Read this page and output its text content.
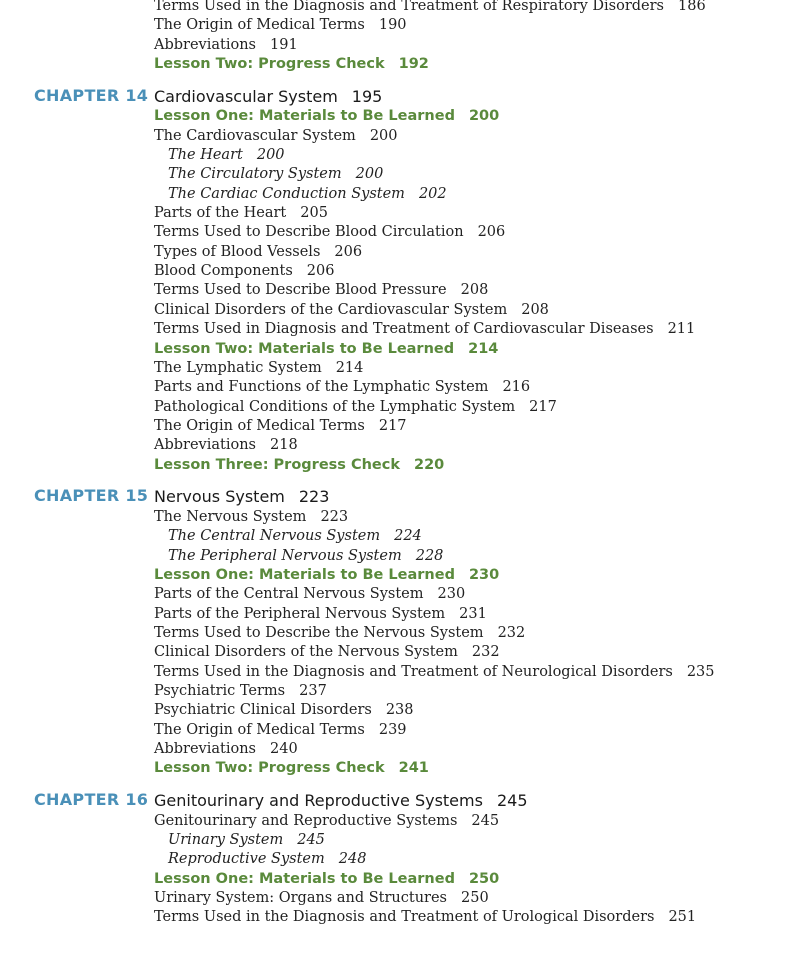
Terms Used in the Diagnosis and Treatment of Respiratory Disorders 186
The Origin of Medical Terms 190
Abbreviations 191
Lesson Two: Progress Check 192
CHAPTER 14 Cardiovascular System 195
Lesson One: Materials to Be Learned 200
The Cardiovascular System 200
The Heart 200
The Circulatory System 200
The Cardiac Conduction System 202
Parts of the Heart 205
Terms Used to Describe Blood Circulation 206
Types of Blood Vessels 206
Blood Components 206
Terms Used to Describe Blood Pressure 208
Clinical Disorders of the Cardiovascular System 208
Terms Used in Diagnosis and Treatment of Cardiovascular Diseases 211
Lesson Two: Materials to Be Learned 214
The Lymphatic System 214
Parts and Functions of the Lymphatic System 216
Pathological Conditions of the Lymphatic System 217
The Origin of Medical Terms 217
Abbreviations 218
Lesson Three: Progress Check 220
CHAPTER 15 Nervous System 223
The Nervous System 223
The Central Nervous System 224
The Peripheral Nervous System 228
Lesson One: Materials to Be Learned 230
Parts of the Central Nervous System 230
Parts of the Peripheral Nervous System 231
Terms Used to Describe the Nervous System 232
Clinical Disorders of the Nervous System 232
Terms Used in the Diagnosis and Treatment of Neurological Disorders 235
Psychiatric Terms 237
Psychiatric Clinical Disorders 238
The Origin of Medical Terms 239
Abbreviations 240
Lesson Two: Progress Check 241
CHAPTER 16 Genitourinary and Reproductive Systems 245
Genitourinary and Reproductive Systems 245
Urinary System 245
Reproductive System 248
Lesson One: Materials to Be Learned 250
Urinary System: Organs and Structures 250
Terms Used in the Diagnosis and Treatment of Urological Disorders 251
